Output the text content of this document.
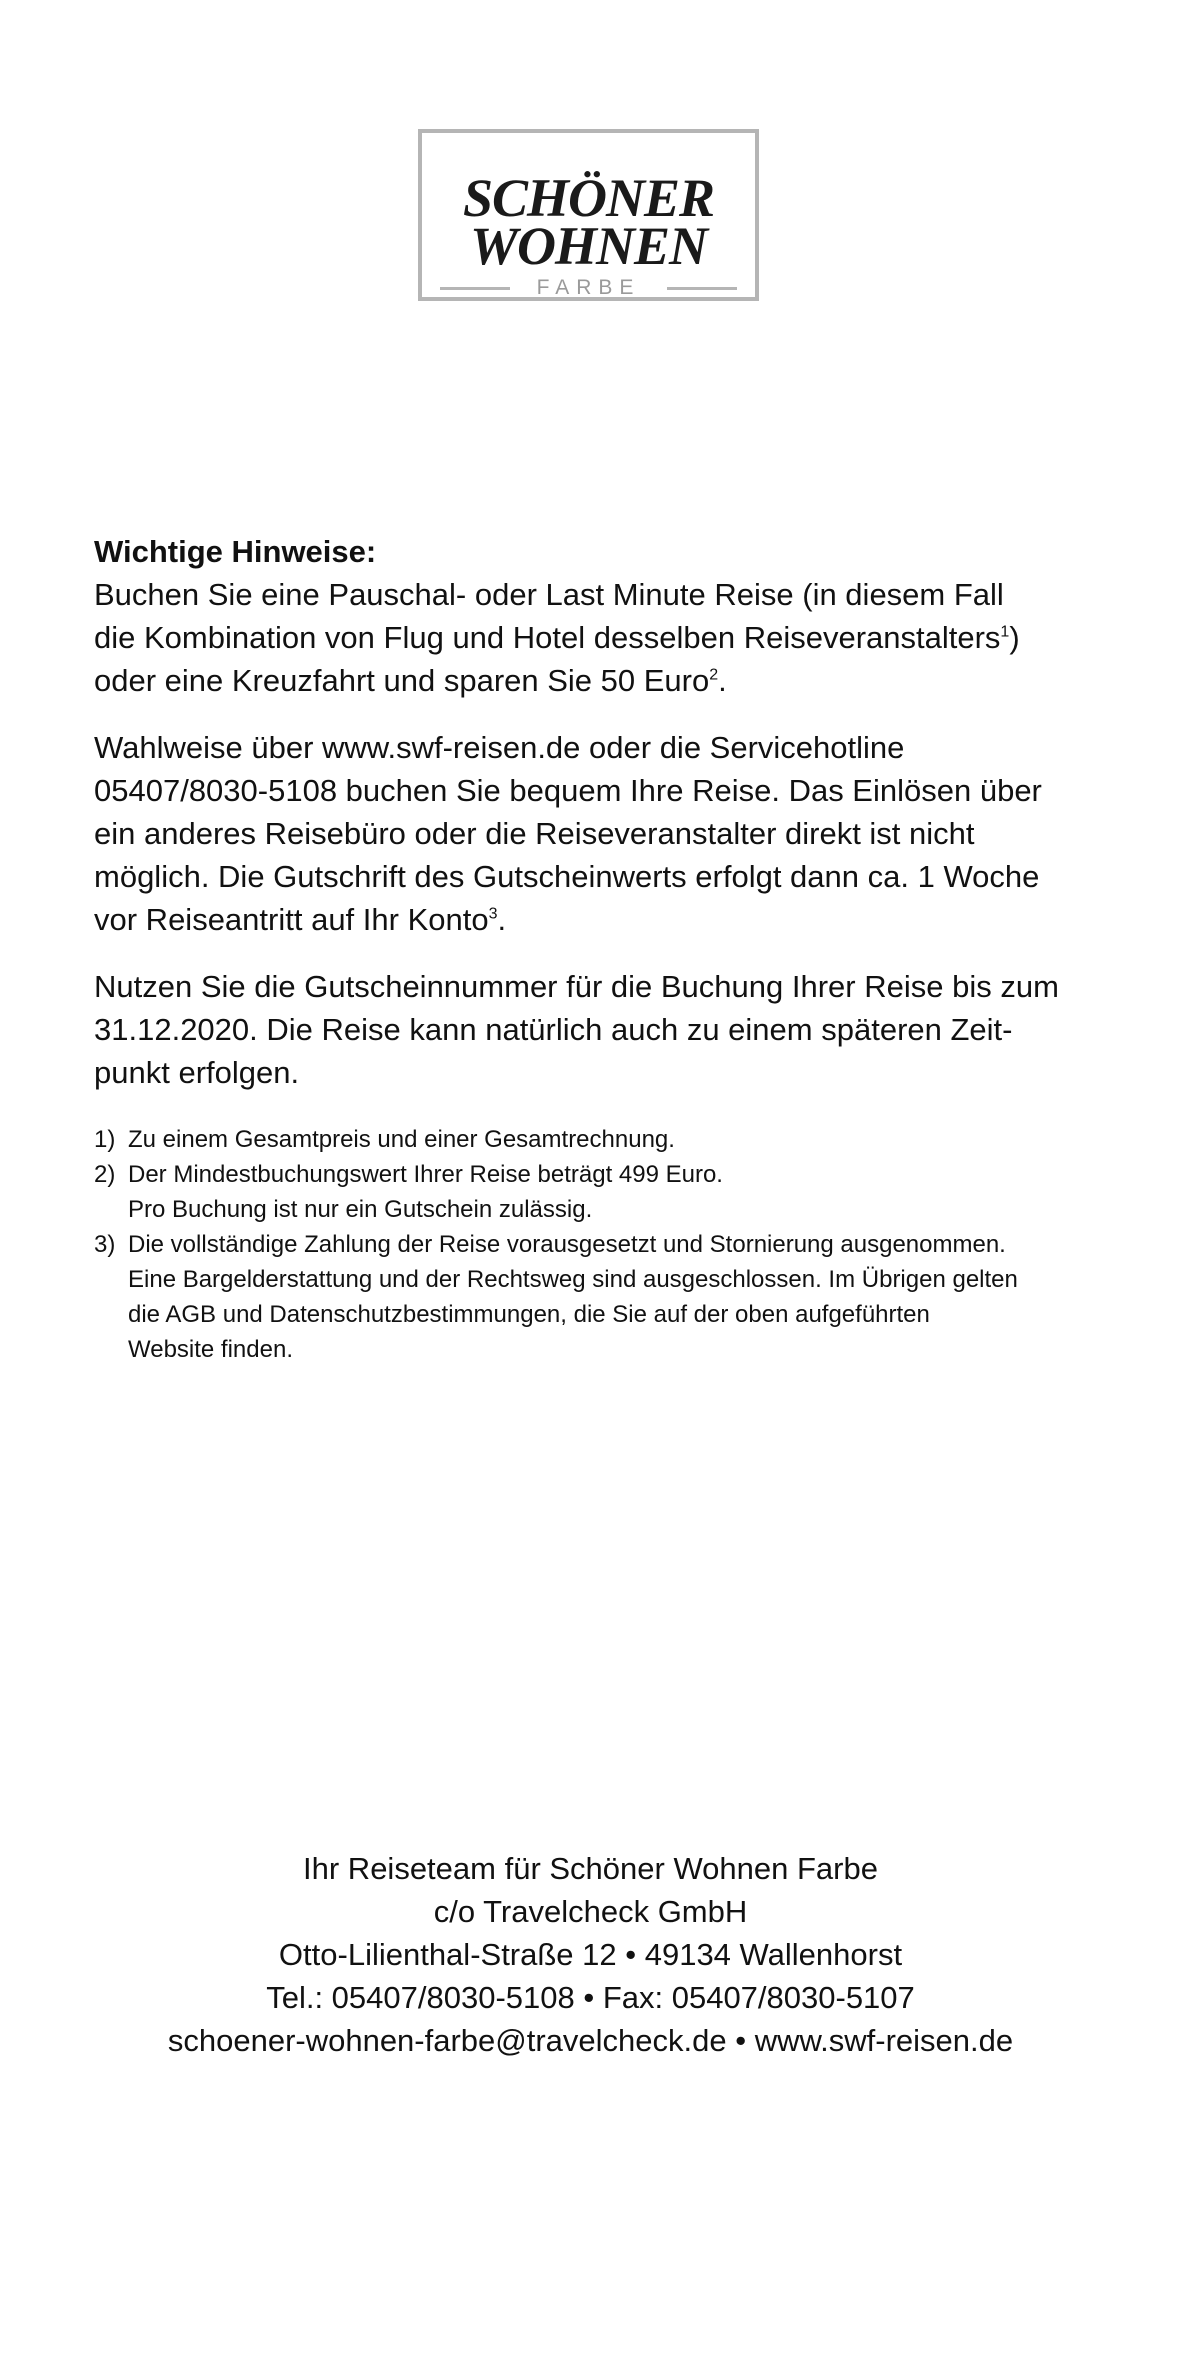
SCHÖNER
WOHNEN
FARBE

Wichtige Hinweise:

Buchen Sie eine Pauschal- oder Last Minute Reise (in diesem Fall
die Kombination von Flug und Hotel desselben Reiseveranstalters$^1$)
oder eine Kreuzfahrt und sparen Sie 50 Euro$^2$.

Wahlweise über www.swf-reisen.de oder die Servicehotline
05407/8030-5108 buchen Sie bequem Ihre Reise. Das Einlösen über
ein anderes Reisebüro oder die Reiseveranstalter direkt ist nicht
möglich. Die Gutschrift des Gutscheinwerts erfolgt dann ca. 1 Woche
vor Reiseantritt auf Ihr Konto$^3$.

Nutzen Sie die Gutscheinnummer für die Buchung Ihrer Reise bis zum
31.12.2020. Die Reise kann natürlich auch zu einem späteren Zeit-
punkt erfolgen.

1) Zu einem Gesamtpreis und einer Gesamtrechnung.
2) Der Mindestbuchungswert Ihrer Reise beträgt 499 Euro.
Pro Buchung ist nur ein Gutschein zulässig.
3) Die vollständige Zahlung der Reise vorausgesetzt und Stornierung ausgenommen.
Eine Bargelderstattung und der Rechtsweg sind ausgeschlossen. Im Übrigen gelten
die AGB und Datenschutzbestimmungen, die Sie auf der oben aufgeführten
Website finden.
Ihr Reiseteam für Schöner Wohnen Farbe
c/o Travelcheck GmbH
Otto-Lilienthal-Straße 12 • 49134 Wallenhorst
Tel.: 05407/8030-5108 • Fax: 05407/8030-5107
schoener-wohnen-farbe@travelcheck.de • www.swf-reisen.de
